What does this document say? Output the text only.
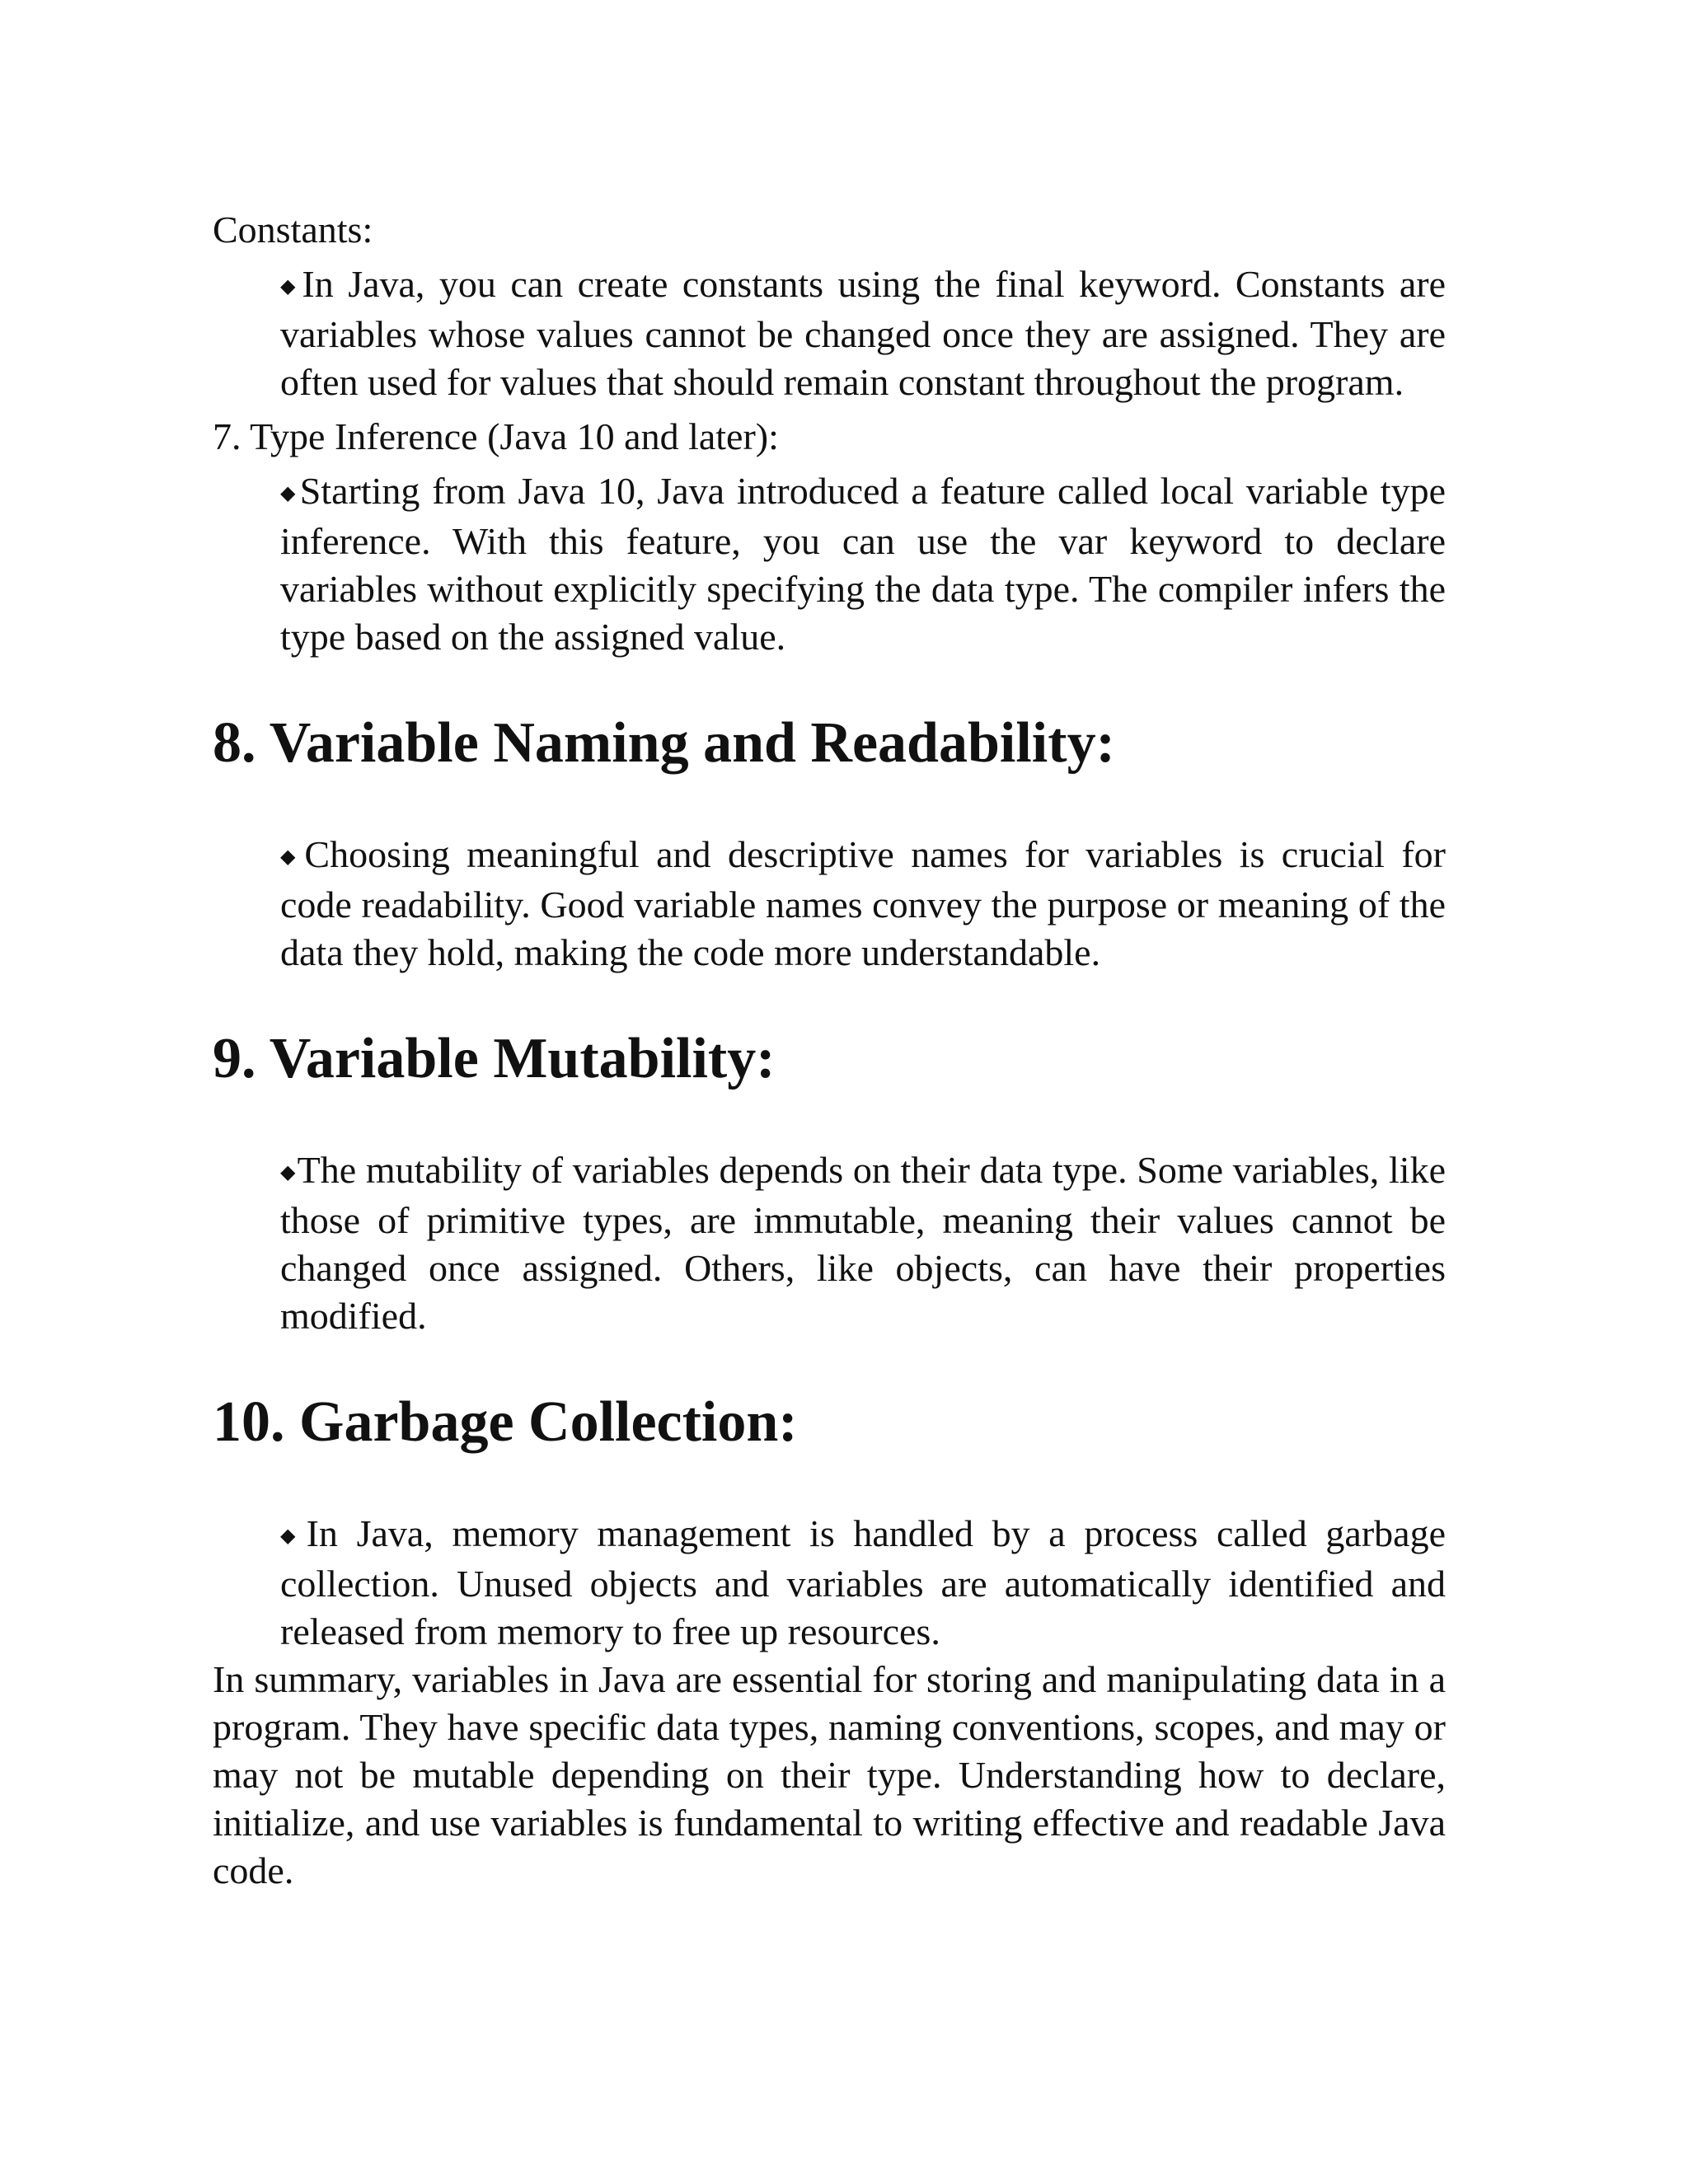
Constants:

◆In Java, you can create constants using the final keyword. Constants are variables whose values cannot be changed once they are assigned. They are often used for values that should remain constant throughout the program.

7. Type Inference (Java 10 and later):

◆Starting from Java 10, Java introduced a feature called local variable type inference. With this feature, you can use the var keyword to declare variables without explicitly specifying the data type. The compiler infers the type based on the assigned value.

8. Variable Naming and Readability:

◆Choosing meaningful and descriptive names for variables is crucial for code readability. Good variable names convey the purpose or meaning of the data they hold, making the code more understandable.

9. Variable Mutability:

◆The mutability of variables depends on their data type. Some variables, like those of primitive types, are immutable, meaning their values cannot be changed once assigned. Others, like objects, can have their properties modified.

10. Garbage Collection:

◆In Java, memory management is handled by a process called garbage collection. Unused objects and variables are automatically identified and released from memory to free up resources.

In summary, variables in Java are essential for storing and manipulating data in a program. They have specific data types, naming conventions, scopes, and may or may not be mutable depending on their type. Understanding how to declare, initialize, and use variables is fundamental to writing effective and readable Java code.
